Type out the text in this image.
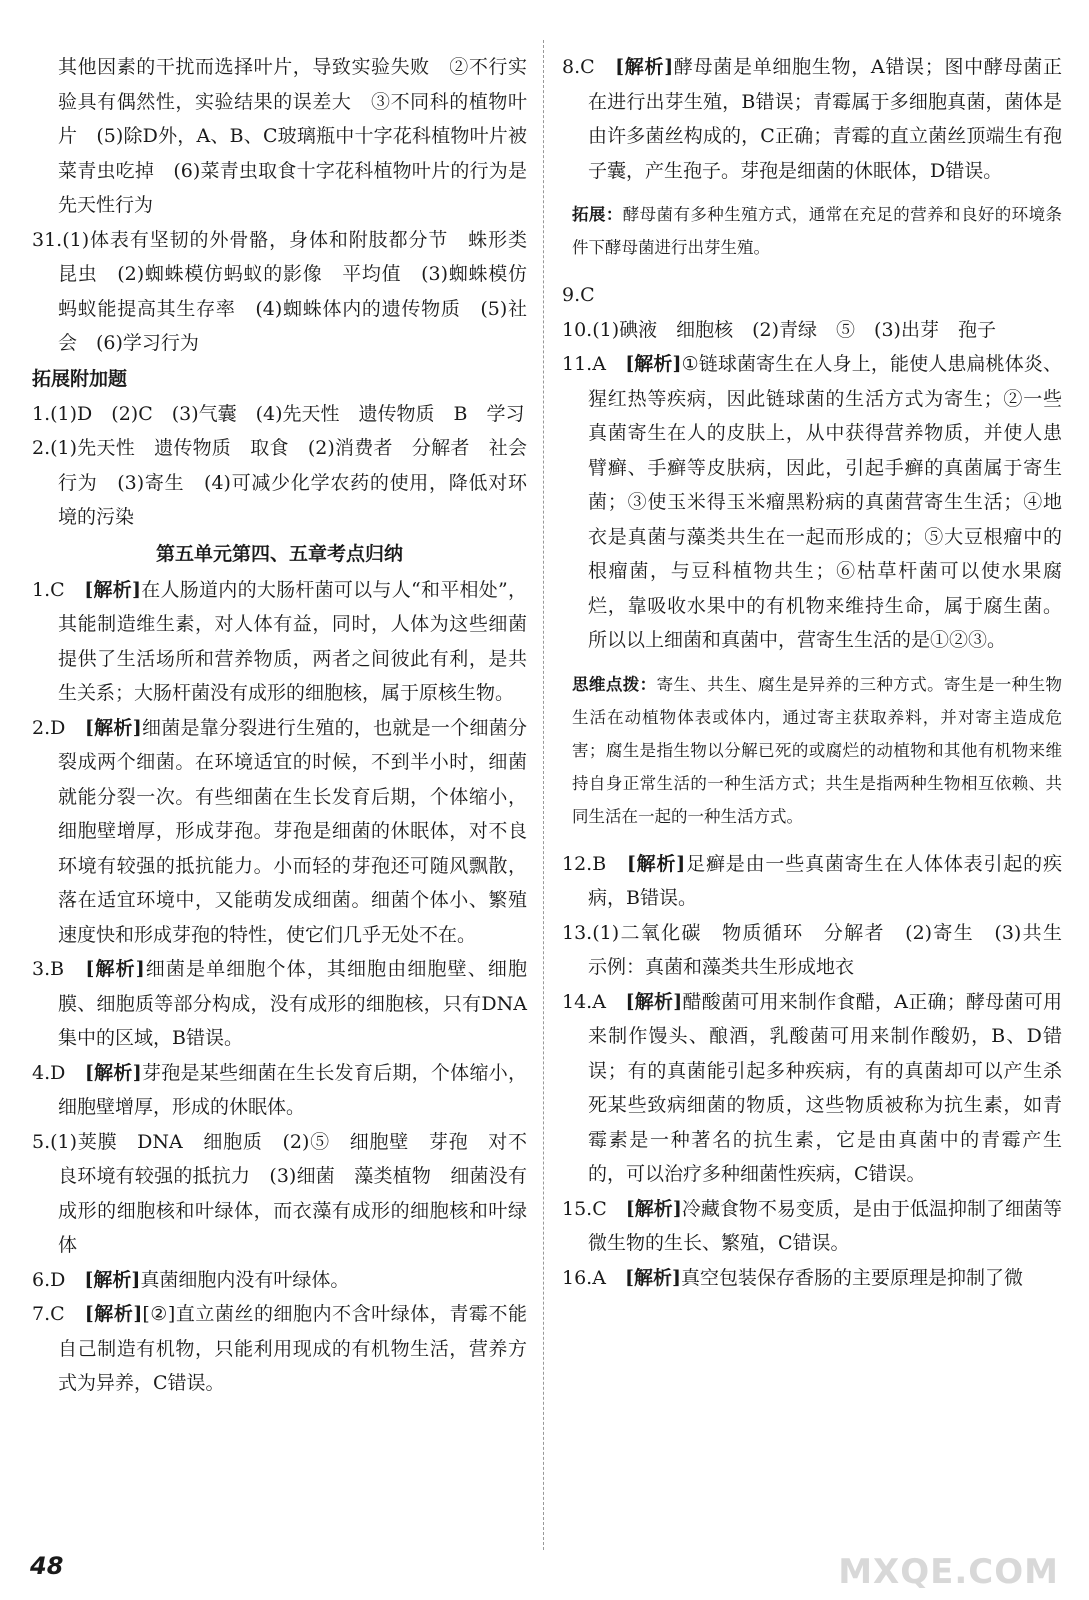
其他因素的干扰而选择叶片，导致实验失败　②不行实验具有偶然性，实验结果的误差大　③不同科的植物叶片　(5)除D外，A、B、C玻璃瓶中十字花科植物叶片被菜青虫吃掉　(6)菜青虫取食十字花科植物叶片的行为是先天性行为

31.(1)体表有坚韧的外骨骼，身体和附肢都分节　蛛形类　昆虫　(2)蜘蛛模仿蚂蚁的影像　平均值　(3)蜘蛛模仿蚂蚁能提高其生存率　(4)蜘蛛体内的遗传物质　(5)社会　(6)学习行为

拓展附加题

1.(1)D　(2)C　(3)气囊　(4)先天性　遗传物质　B　学习

2.(1)先天性　遗传物质　取食　(2)消费者　分解者　社会行为　(3)寄生　(4)可减少化学农药的使用，降低对环境的污染

第五单元第四、五章考点归纳

1.C　 [解析]在人肠道内的大肠杆菌可以与人“和平相处”，其能制造维生素，对人体有益，同时，人体为这些细菌提供了生活场所和营养物质，两者之间彼此有利，是共生关系；大肠杆菌没有成形的细胞核，属于原核生物。

2.D　 [解析]细菌是靠分裂进行生殖的，也就是一个细菌分裂成两个细菌。在环境适宜的时候，不到半小时，细菌就能分裂一次。有些细菌在生长发育后期，个体缩小，细胞壁增厚，形成芽孢。芽孢是细菌的休眠体，对不良环境有较强的抵抗能力。小而轻的芽孢还可随风飘散，落在适宜环境中，又能萌发成细菌。细菌个体小、繁殖速度快和形成芽孢的特性，使它们几乎无处不在。

3.B　 [解析]细菌是单细胞个体，其细胞由细胞壁、细胞膜、细胞质等部分构成，没有成形的细胞核，只有DNA集中的区域，B错误。

4.D　 [解析]芽孢是某些细菌在生长发育后期，个体缩小，细胞壁增厚，形成的休眠体。

5.(1)荚膜　DNA　细胞质　(2)⑤　细胞壁　芽孢　对不良环境有较强的抵抗力　(3)细菌　藻类植物　细菌没有成形的细胞核和叶绿体，而衣藻有成形的细胞核和叶绿体

6.D　 [解析]真菌细胞内没有叶绿体。

7.C　 [解析][②]直立菌丝的细胞内不含叶绿体，青霉不能自己制造有机物，只能利用现成的有机物生活，营养方式为异养，C错误。

8.C　 [解析]酵母菌是单细胞生物，A错误；图中酵母菌正在进行出芽生殖，B错误；青霉属于多细胞真菌，菌体是由许多菌丝构成的，C正确；青霉的直立菌丝顶端生有孢子囊，产生孢子。芽孢是细菌的休眠体，D错误。

拓展：酵母菌有多种生殖方式，通常在充足的营养和良好的环境条件下酵母菌进行出芽生殖。

9.C

10.(1)碘液　细胞核　(2)青绿　⑤　(3)出芽　孢子

11.A　 [解析]①链球菌寄生在人身上，能使人患扁桃体炎、猩红热等疾病，因此链球菌的生活方式为寄生；②一些真菌寄生在人的皮肤上，从中获得营养物质，并使人患臂癣、手癣等皮肤病，因此，引起手癣的真菌属于寄生菌；③使玉米得玉米瘤黑粉病的真菌营寄生生活；④地衣是真菌与藻类共生在一起而形成的；⑤大豆根瘤中的根瘤菌，与豆科植物共生；⑥枯草杆菌可以使水果腐烂，靠吸收水果中的有机物来维持生命，属于腐生菌。所以以上细菌和真菌中，营寄生生活的是①②③。

思维点拨：寄生、共生、腐生是异养的三种方式。寄生是一种生物生活在动植物体表或体内，通过寄主获取养料，并对寄主造成危害；腐生是指生物以分解已死的或腐烂的动植物和其他有机物来维持自身正常生活的一种生活方式；共生是指两种生物相互依赖、共同生活在一起的一种生活方式。

12.B　 [解析]足癣是由一些真菌寄生在人体体表引起的疾病，B错误。

13.(1)二氧化碳　物质循环　分解者　(2)寄生　(3)共生　示例：真菌和藻类共生形成地衣

14.A　 [解析]醋酸菌可用来制作食醋，A正确；酵母菌可用来制作馒头、酿酒，乳酸菌可用来制作酸奶，B、D错误；有的真菌能引起多种疾病，有的真菌却可以产生杀死某些致病细菌的物质，这些物质被称为抗生素，如青霉素是一种著名的抗生素，它是由真菌中的青霉产生的，可以治疗多种细菌性疾病，C错误。

15.C　 [解析]冷藏食物不易变质，是由于低温抑制了细菌等微生物的生长、繁殖，C错误。

16.A　 [解析]真空包装保存香肠的主要原理是抑制了微

48	MXQE.COM
